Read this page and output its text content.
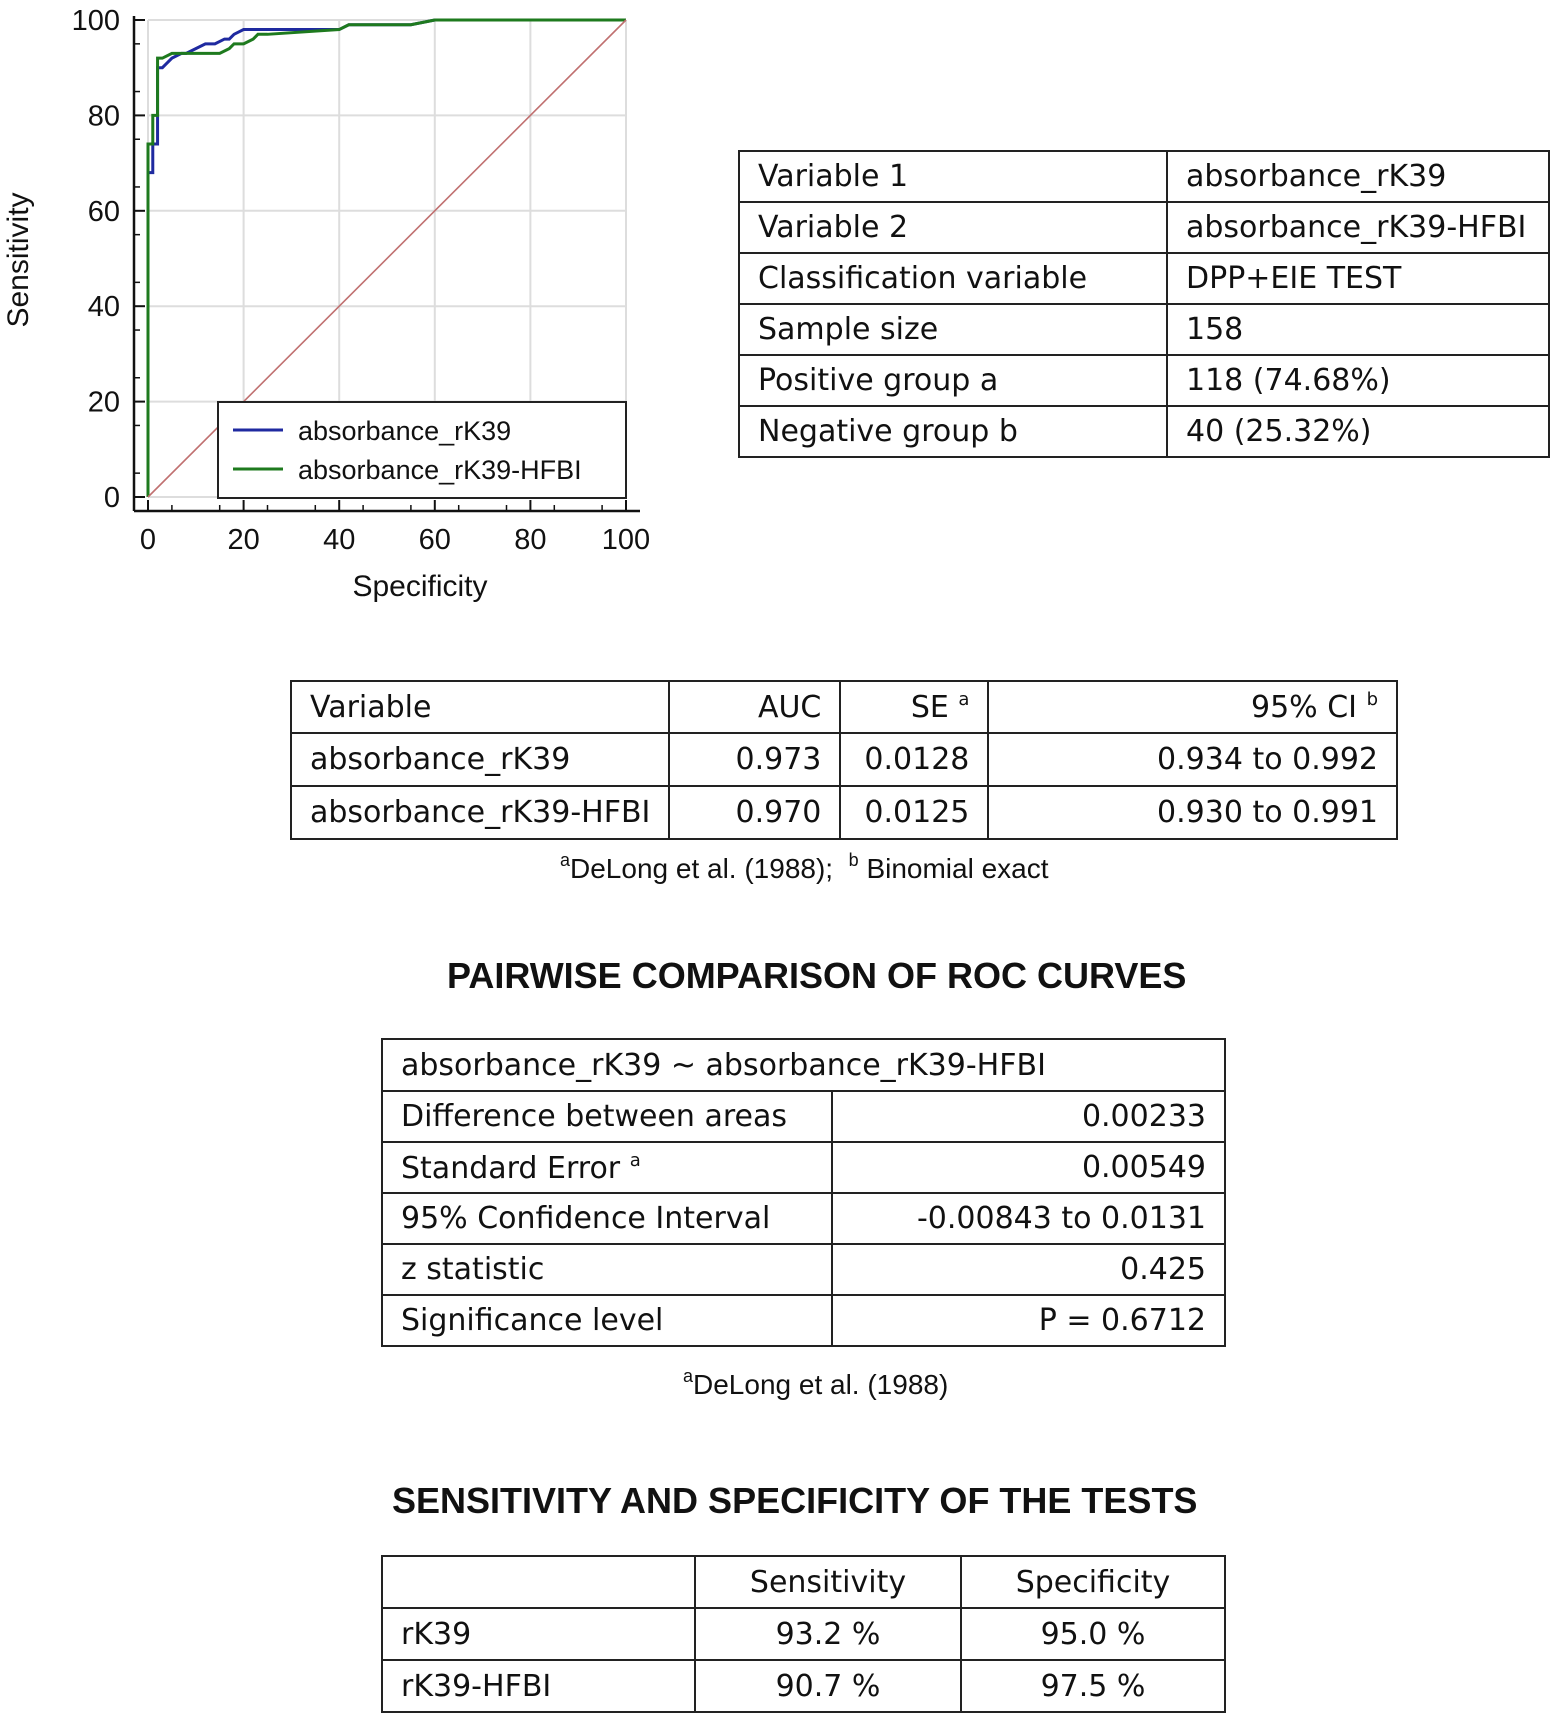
0 20 40 60 80 100
0
20
40
60
80
100
Specificity
Sensitivity
absorbance_rK39
absorbance_rK39-HFBI
Variable 1	absorbance_rK39
Variable 2	absorbance_rK39-HFBI
Classification variable	DPP+EIE TEST
Sample size	158
Positive group a	118 (74.68%)
Negative group b	40 (25.32%)
Variable	AUC	SE $^a$	95% CI $^b$
absorbance_rK39	0.973	0.0128	0.934 to 0.992
absorbance_rK39-HFBI	0.970	0.0125	0.930 to 0.991
$^a$DeLong et al. (1988); $^b$ Binomial exact
PAIRWISE COMPARISON OF ROC CURVES
absorbance_rK39 ~ absorbance_rK39-HFBI	
Difference between areas	0.00233
Standard Error $^a$	0.00549
95% Confidence Interval	-0.00843 to 0.0131
z statistic	0.425
Significance level	P = 0.6712
$^a$DeLong et al. (1988)
SENSITIVITY AND SPECIFICITY OF THE TESTS
	Sensitivity	Specificity
rK39	93.2 %	95.0 %
rK39-HFBI	90.7 %	97.5 %
